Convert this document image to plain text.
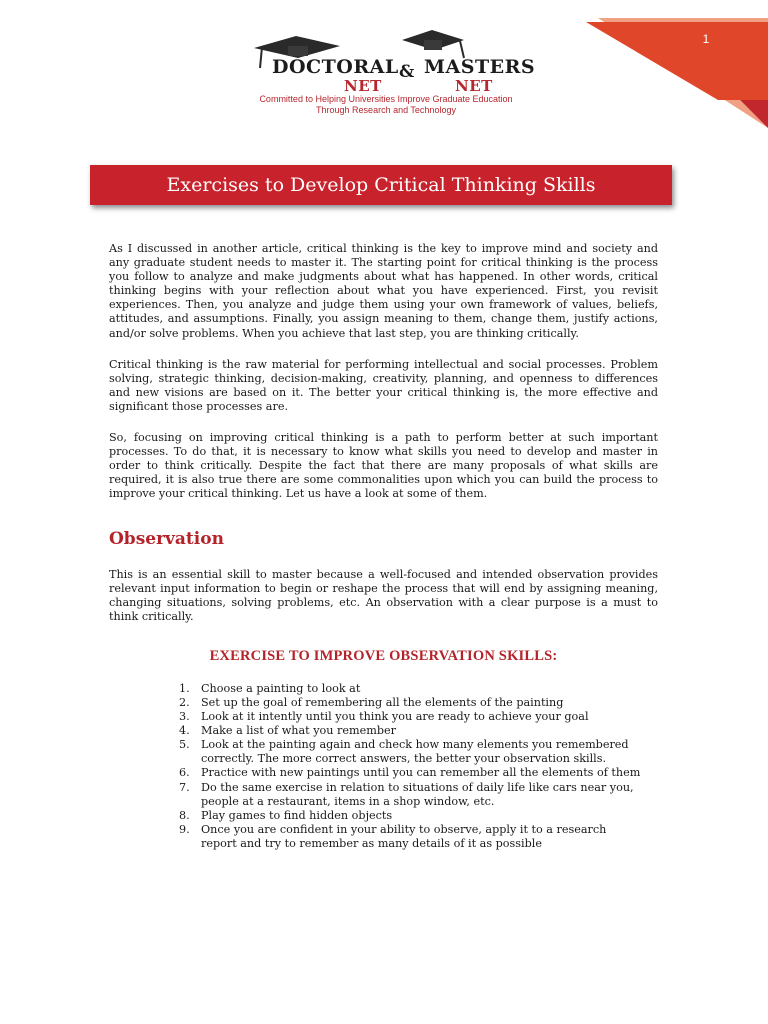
1
DOCTORAL & MASTERS
NET	NET
Committed to Helping Universities Improve Graduate Education
Through Research and Technology
Exercises to Develop Critical Thinking Skills

As I discussed in another article, critical thinking is the key to improve mind and society and any graduate student needs to master it. The starting point for critical thinking is the process you follow to analyze and make judgments about what has happened. In other words, critical thinking begins with your reflection about what you have experienced. First, you revisit experiences. Then, you analyze and judge them using your own framework of values, beliefs, attitudes, and assumptions. Finally, you assign meaning to them, change them, justify actions, and/or solve problems. When you achieve that last step, you are thinking critically.

Critical thinking is the raw material for performing intellectual and social processes. Problem solving, strategic thinking, decision-making, creativity, planning, and openness to differences and new visions are based on it. The better your critical thinking is, the more effective and significant those processes are.

So, focusing on improving critical thinking is a path to perform better at such important processes. To do that, it is necessary to know what skills you need to develop and master in order to think critically. Despite the fact that there are many proposals of what skills are required, it is also true there are some commonalities upon which you can build the process to improve your critical thinking. Let us have a look at some of them.

Observation

This is an essential skill to master because a well-focused and intended observation provides relevant input information to begin or reshape the process that will end by assigning meaning, changing situations, solving problems, etc. An observation with a clear purpose is a must to think critically.

EXERCISE TO IMPROVE OBSERVATION SKILLS:
1.	Choose a painting to look at
2.	Set up the goal of remembering all the elements of the painting
3.	Look at it intently until you think you are ready to achieve your goal
4.	Make a list of what you remember
5.	Look at the painting again and check how many elements you remembered correctly. The more correct answers, the better your observation skills.
6.	Practice with new paintings until you can remember all the elements of them
7.	Do the same exercise in relation to situations of daily life like cars near you, people at a restaurant, items in a shop window, etc.
8.	Play games to find hidden objects
9.	Once you are confident in your ability to observe, apply it to a research report and try to remember as many details of it as possible
